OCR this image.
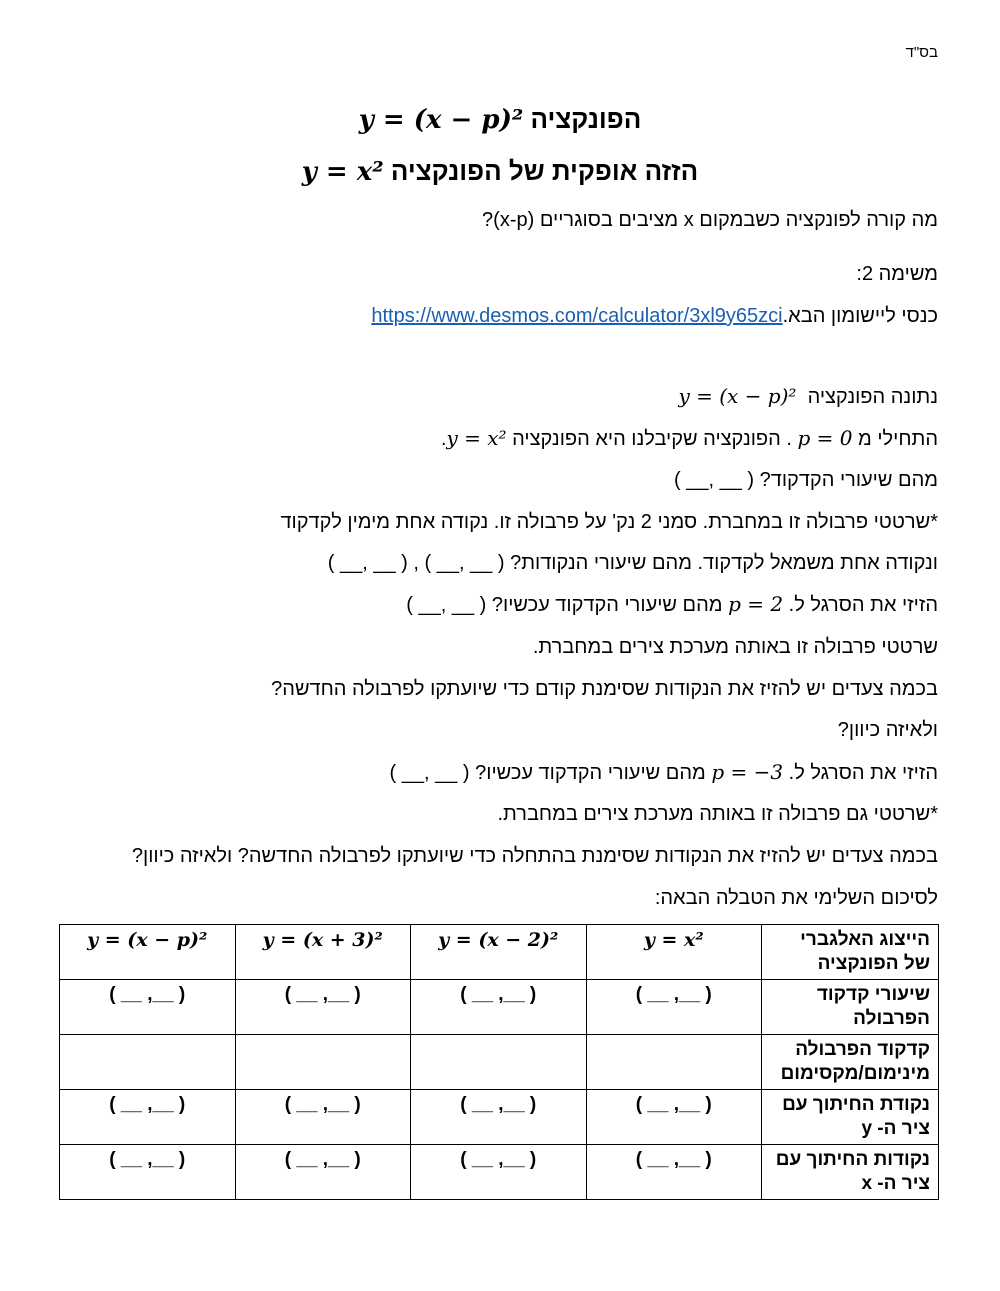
בס"ד
הפונקציה y = (x − p)²
הזזה אופקית של הפונקציה y = x²
מה קורה לפונקציה כשבמקום x מציבים בסוגריים (x-p)?
משימה 2:
כנסי ליישומון הבא.https://www.desmos.com/calculator/3xl9y65zci
נתונה הפונקציה  y = (x − p)²
התחילי מ p = 0 . הפונקציה שקיבלנו היא הפונקציה y = x².
מהם שיעורי הקדקוד? ( __ ,__ )
*שרטטי פרבולה זו במחברת. סמני 2 נק' על פרבולה זו. נקודה אחת מימין לקדקוד
ונקודה אחת משמאל לקדקוד. מהם שיעורי הנקודות? ( __ ,__ ) , ( __ ,__ )
הזיזי את הסרגל ל. p = 2 מהם שיעורי הקדקוד עכשיו? ( __ ,__ )
שרטטי פרבולה זו באותה מערכת צירים במחברת.
בכמה צעדים יש להזיז את הנקודות שסימנת קודם כדי שיועתקו לפרבולה החדשה?
ולאיזה כיוון?
הזיזי את הסרגל ל. p = −3 מהם שיעורי הקדקוד עכשיו? ( __ ,__ )
*שרטטי גם פרבולה זו באותה מערכת צירים במחברת.
בכמה צעדים יש להזיז את הנקודות שסימנת בהתחלה כדי שיועתקו לפרבולה החדשה? ולאיזה כיוון?
לסיכום השלימי את הטבלה הבאה:
הייצוג האלגברי של הפונקציה	y = x²	y = (x − 2)²	y = (x + 3)²	y = (x − p)²
שיעורי קדקוד הפרבולה	( __ ,__ )	( __ ,__ )	( __ ,__ )	( __ ,__ )
קדקוד הפרבולה מינימום/מקסימום				
נקודת החיתוך עם ציר ה- y	( __ ,__ )	( __ ,__ )	( __ ,__ )	( __ ,__ )
נקודות החיתוך עם ציר ה- x	( __ ,__ )	( __ ,__ )	( __ ,__ )	( __ ,__ )
